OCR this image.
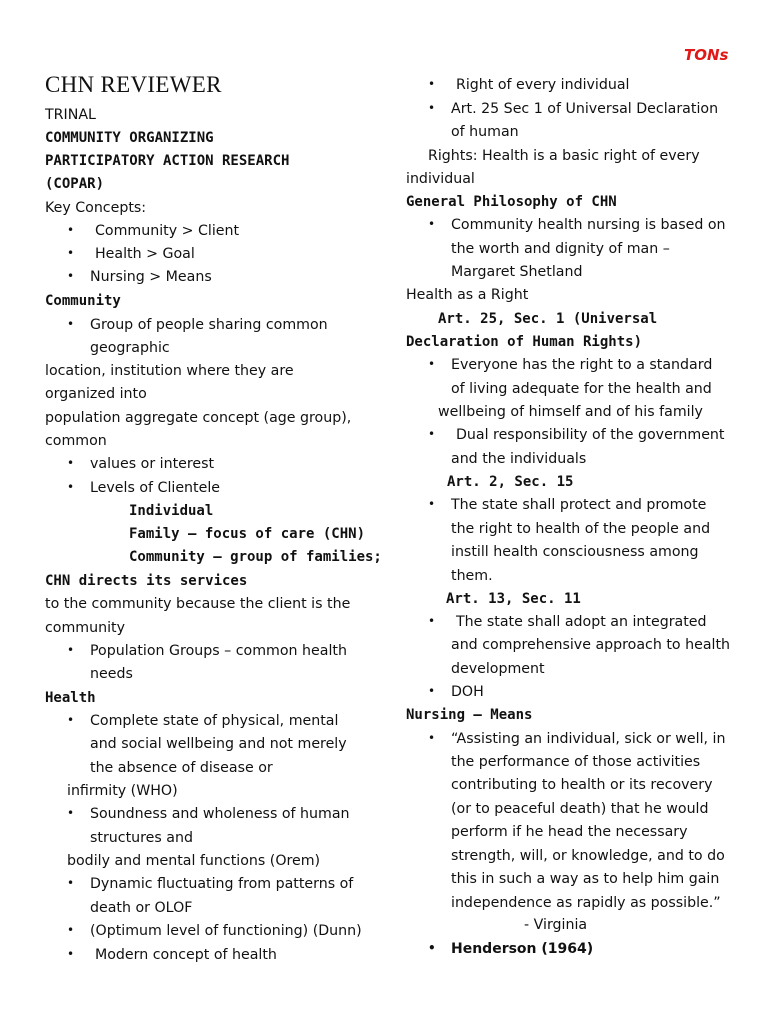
TONs
CHN REVIEWER
TRINAL
COMMUNITY ORGANIZING
PARTICIPATORY ACTION RESEARCH
(COPAR)
Key Concepts:
• Community > Client
• Health > Goal
• Nursing > Means
Community
• Group of people sharing common
geographic
location, institution where they are
organized into
population aggregate concept (age group),
common
• values or interest
• Levels of Clientele
Individual
Family – focus of care (CHN)
Community – group of families;
CHN directs its services
to the community because the client is the
community
• Population Groups – common health
needs
Health
• Complete state of physical, mental
and social wellbeing and not merely
the absence of disease or
infirmity (WHO)
• Soundness and wholeness of human
structures and
bodily and mental functions (Orem)
• Dynamic fluctuating from patterns of
death or OLOF
• (Optimum level of functioning) (Dunn)
• Modern concept of health
• Right of every individual
• Art. 25 Sec 1 of Universal Declaration
of human
Rights: Health is a basic right of every
individual
General Philosophy of CHN
• Community health nursing is based on
the worth and dignity of man –
Margaret Shetland
Health as a Right
Art. 25, Sec. 1 (Universal
Declaration of Human Rights)
• Everyone has the right to a standard
of living adequate for the health and
wellbeing of himself and of his family
• Dual responsibility of the government
and the individuals
Art. 2, Sec. 15
• The state shall protect and promote
the right to health of the people and
instill health consciousness among
them.
Art. 13, Sec. 11
• The state shall adopt an integrated
and comprehensive approach to health
development
• DOH
Nursing – Means
• “Assisting an individual, sick or well, in
the performance of those activities
contributing to health or its recovery
(or to peaceful death) that he would
perform if he head the necessary
strength, will, or knowledge, and to do
this in such a way as to help him gain
independence as rapidly as possible.”
- Virginia
• Henderson (1964)
